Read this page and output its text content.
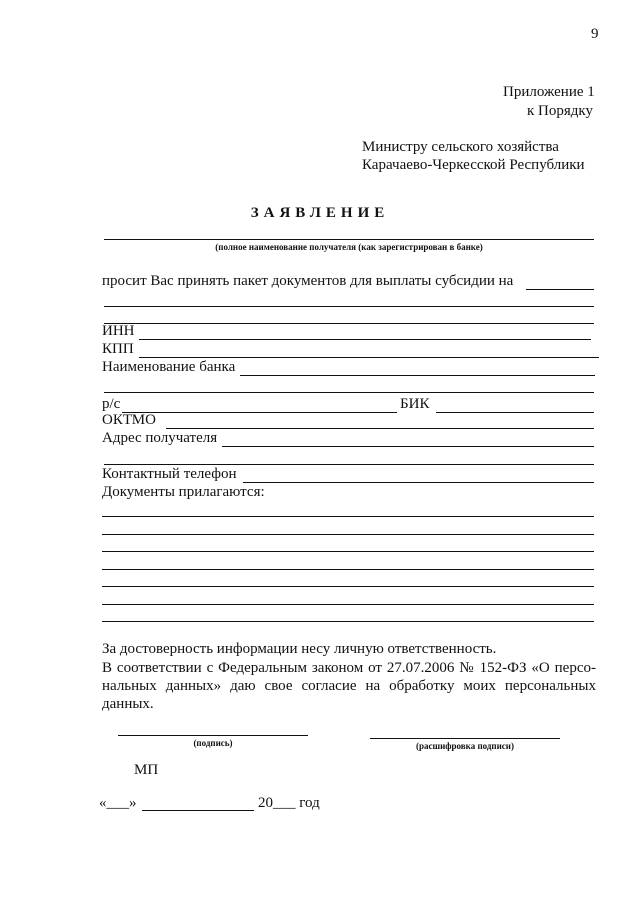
9
Приложение 1
к Порядку
Министру сельского хозяйства
Карачаево-Черкесской Республики
ЗАЯВЛЕНИЕ
(полное наименование получателя (как зарегистрирован в банке)
просит Вас принять пакет документов для выплаты субсидии на
ИНН
КПП
Наименование банка
р/с	БИК
ОКТМО
Адрес получателя
Контактный телефон
Документы прилагаются:
За достоверность информации несу личную ответственность.
В соответствии с Федеральным законом от 27.07.2006 № 152-ФЗ «О персо-
нальных данных» даю свое согласие на обработку моих персональных
данных.
(подпись)	(расшифровка подписи)
МП
«___»	20___ год
